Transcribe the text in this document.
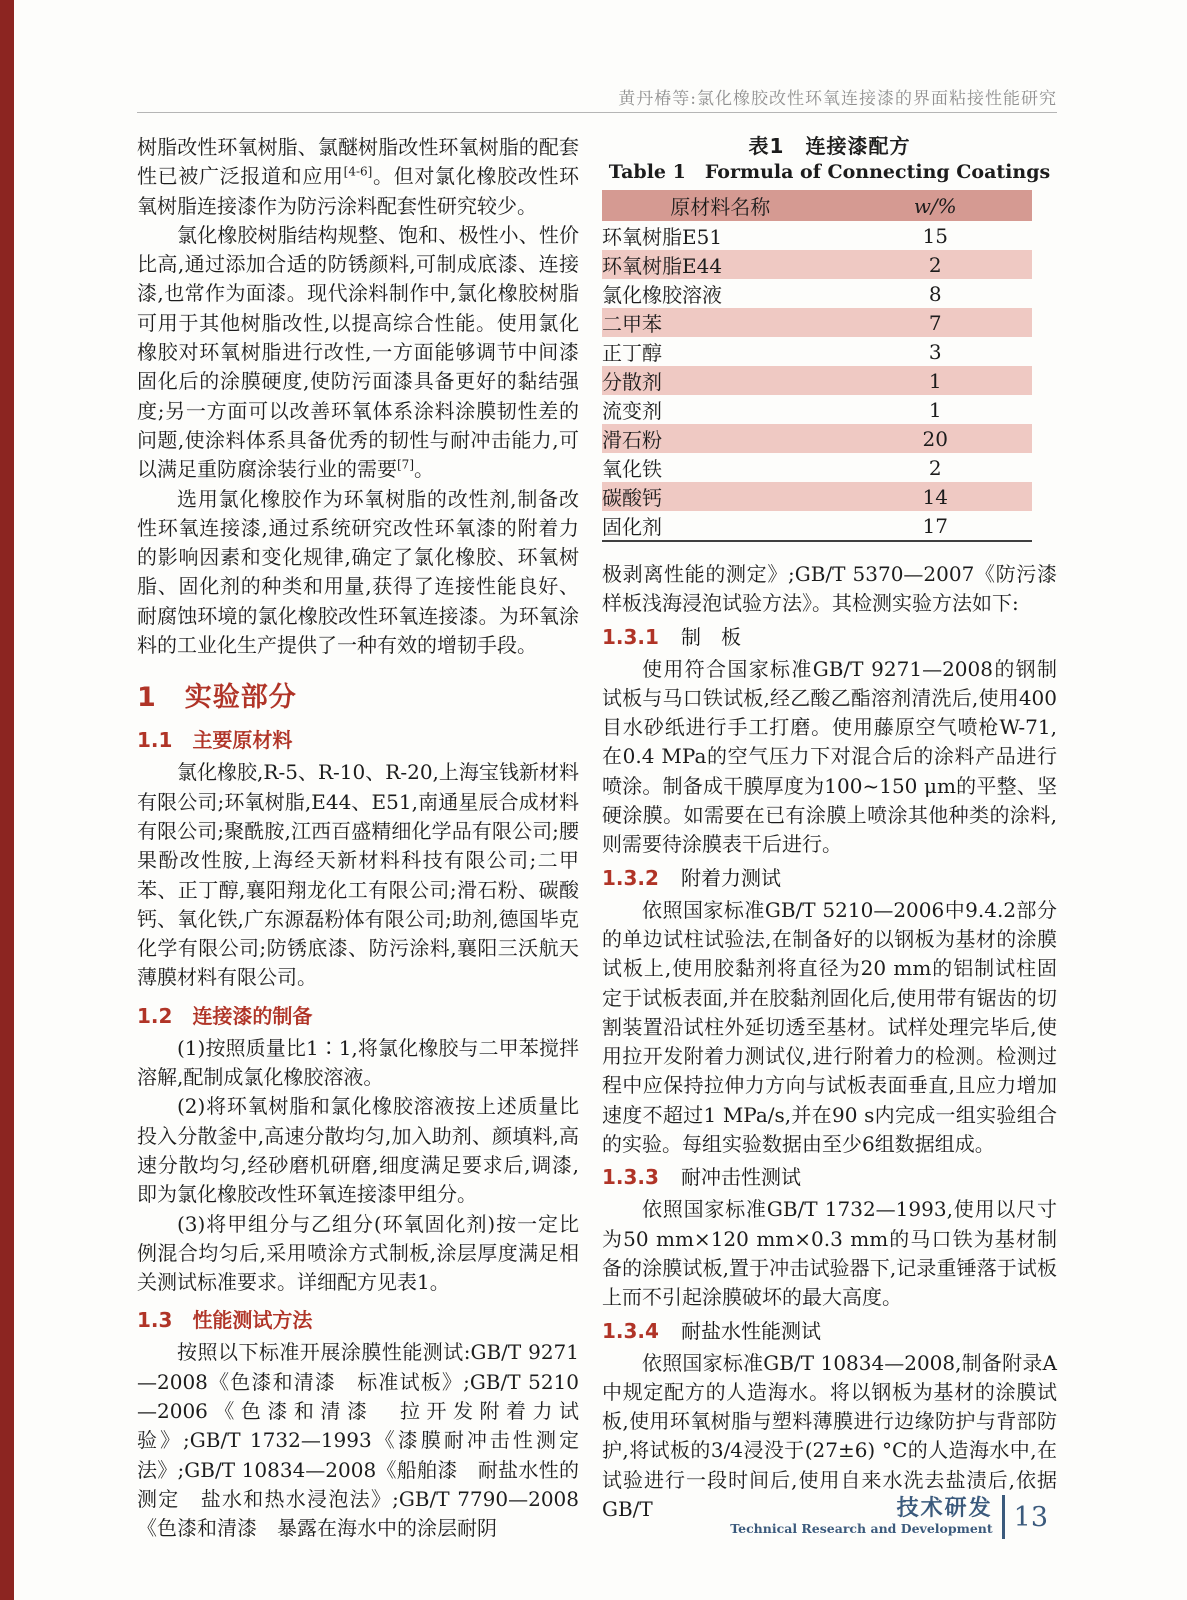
黄丹椿等:氯化橡胶改性环氧连接漆的界面粘接性能研究

树脂改性环氧树脂、氯醚树脂改性环氧树脂的配套性已被广泛报道和应用[4-6]。但对氯化橡胶改性环氧树脂连接漆作为防污涂料配套性研究较少。

氯化橡胶树脂结构规整、饱和、极性小、性价比高,通过添加合适的防锈颜料,可制成底漆、连接漆,也常作为面漆。现代涂料制作中,氯化橡胶树脂可用于其他树脂改性,以提高综合性能。使用氯化橡胶对环氧树脂进行改性,一方面能够调节中间漆固化后的涂膜硬度,使防污面漆具备更好的黏结强度;另一方面可以改善环氧体系涂料涂膜韧性差的问题,使涂料体系具备优秀的韧性与耐冲击能力,可以满足重防腐涂装行业的需要[7]。

选用氯化橡胶作为环氧树脂的改性剂,制备改性环氧连接漆,通过系统研究改性环氧漆的附着力的影响因素和变化规律,确定了氯化橡胶、环氧树脂、固化剂的种类和用量,获得了连接性能良好、耐腐蚀环境的氯化橡胶改性环氧连接漆。为环氧涂料的工业化生产提供了一种有效的增韧手段。

1 实验部分
1.1 主要原材料

氯化橡胶,R-5、R-10、R-20,上海宝钱新材料有限公司;环氧树脂,E44、E51,南通星辰合成材料有限公司;聚酰胺,江西百盛精细化学品有限公司;腰果酚改性胺,上海经天新材料科技有限公司;二甲苯、正丁醇,襄阳翔龙化工有限公司;滑石粉、碳酸钙、氧化铁,广东源磊粉体有限公司;助剂,德国毕克化学有限公司;防锈底漆、防污涂料,襄阳三沃航天薄膜材料有限公司。

1.2 连接漆的制备

(1)按照质量比1∶1,将氯化橡胶与二甲苯搅拌溶解,配制成氯化橡胶溶液。

(2)将环氧树脂和氯化橡胶溶液按上述质量比投入分散釜中,高速分散均匀,加入助剂、颜填料,高速分散均匀,经砂磨机研磨,细度满足要求后,调漆,即为氯化橡胶改性环氧连接漆甲组分。

(3)将甲组分与乙组分(环氧固化剂)按一定比例混合均匀后,采用喷涂方式制板,涂层厚度满足相关测试标准要求。详细配方见表1。

1.3 性能测试方法

按照以下标准开展涂膜性能测试:GB/T 9271—2008《色漆和清漆　标准试板》;GB/T 5210—2006《色漆和清漆　拉开发附着力试验》;GB/T 1732—1993《漆膜耐冲击性测定法》;GB/T 10834—2008《船舶漆　耐盐水性的测定　盐水和热水浸泡法》;GB/T 7790—2008《色漆和清漆　暴露在海水中的涂层耐阴

表1　连接漆配方
Table 1　Formula of Connecting Coatings
原材料名称	w/%
环氧树脂E51	15
环氧树脂E44	2
氯化橡胶溶液	8
二甲苯	7
正丁醇	3
分散剂	1
流变剂	1
滑石粉	20
氧化铁	2
碳酸钙	14
固化剂	17

极剥离性能的测定》;GB/T 5370—2007《防污漆样板浅海浸泡试验方法》。其检测实验方法如下:

1.3.1 制　板

使用符合国家标准GB/T 9271—2008的钢制试板与马口铁试板,经乙酸乙酯溶剂清洗后,使用400目水砂纸进行手工打磨。使用藤原空气喷枪W-71,在0.4 MPa的空气压力下对混合后的涂料产品进行喷涂。制备成干膜厚度为100~150 μm的平整、坚硬涂膜。如需要在已有涂膜上喷涂其他种类的涂料,则需要待涂膜表干后进行。

1.3.2 附着力测试

依照国家标准GB/T 5210—2006中9.4.2部分的单边试柱试验法,在制备好的以钢板为基材的涂膜试板上,使用胶黏剂将直径为20 mm的铝制试柱固定于试板表面,并在胶黏剂固化后,使用带有锯齿的切割装置沿试柱外延切透至基材。试样处理完毕后,使用拉开发附着力测试仪,进行附着力的检测。检测过程中应保持拉伸力方向与试板表面垂直,且应力增加速度不超过1 MPa/s,并在90 s内完成一组实验组合的实验。每组实验数据由至少6组数据组成。

1.3.3 耐冲击性测试

依照国家标准GB/T 1732—1993,使用以尺寸为50 mm×120 mm×0.3 mm的马口铁为基材制备的涂膜试板,置于冲击试验器下,记录重锤落于试板上而不引起涂膜破坏的最大高度。

1.3.4 耐盐水性能测试

依照国家标准GB/T 10834—2008,制备附录A中规定配方的人造海水。将以钢板为基材的涂膜试板,使用环氧树脂与塑料薄膜进行边缘防护与背部防护,将试板的3/4浸没于(27±6) °C的人造海水中,在试验进行一段时间后,使用自来水洗去盐渍后,依据GB/T	技术研发
Technical Research and Development 13
